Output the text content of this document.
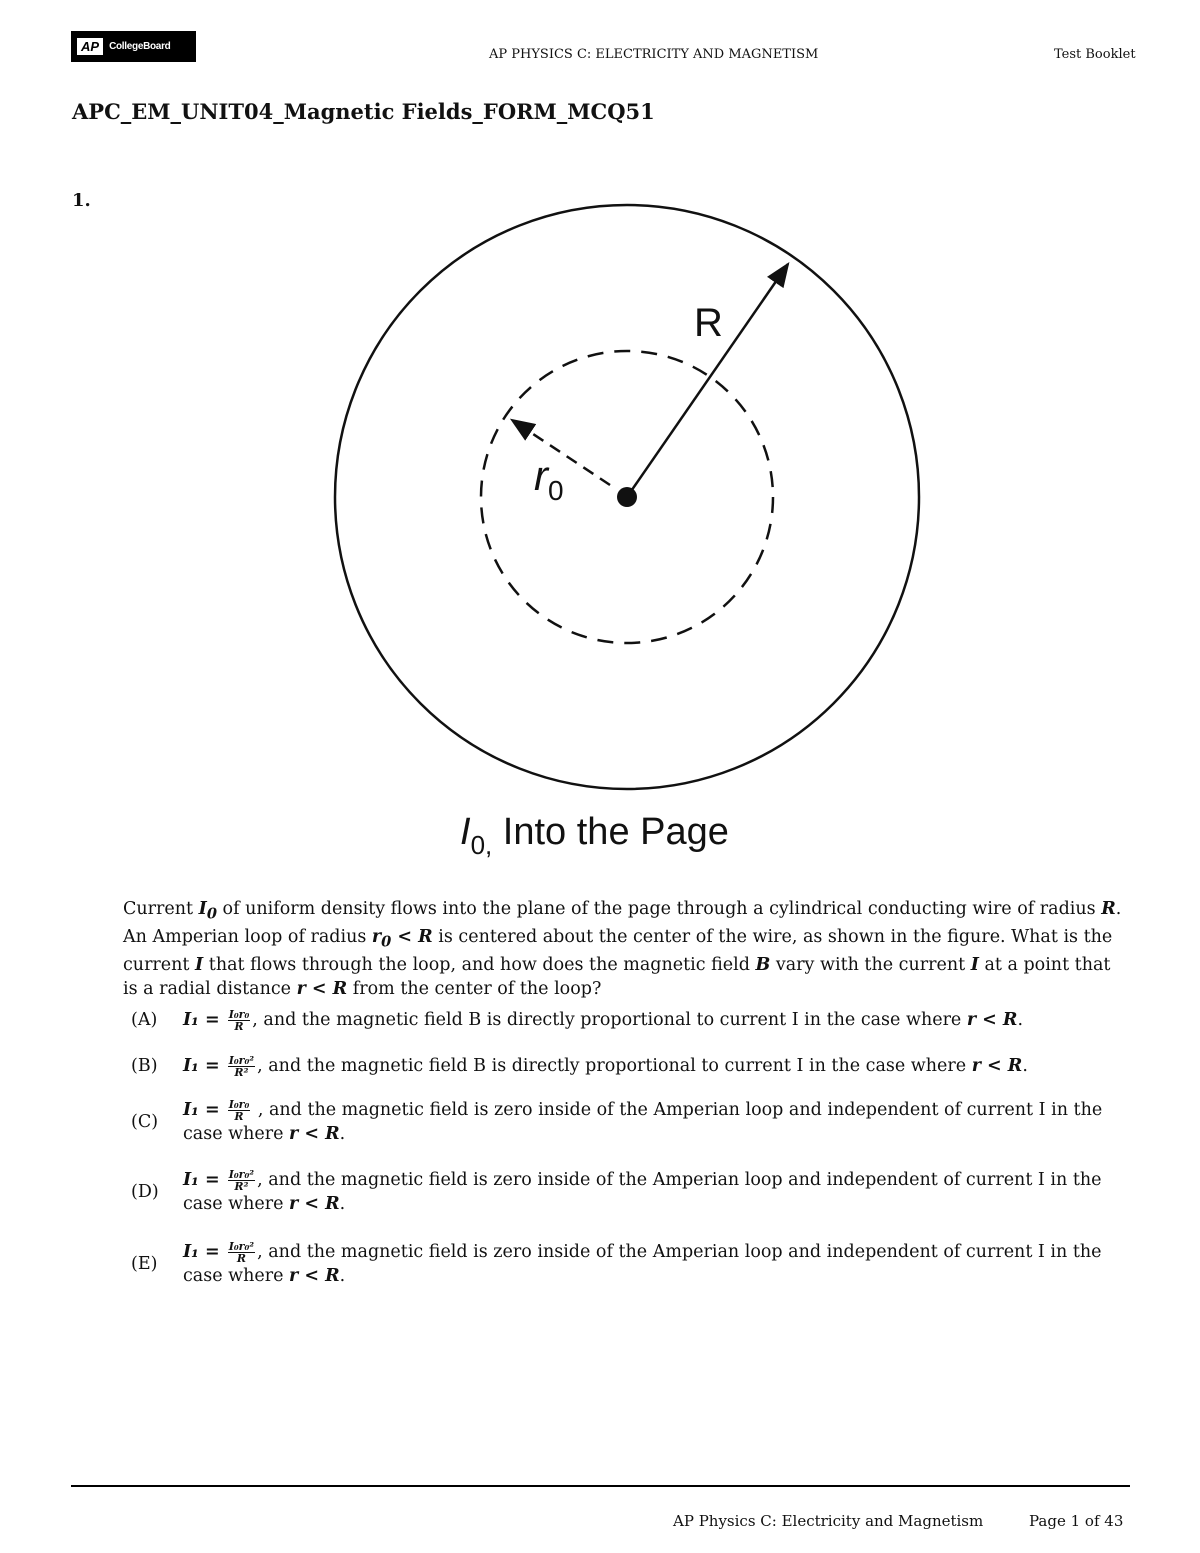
AP	CollegeBoard
AP PHYSICS C: ELECTRICITY AND MAGNETISM	Test Booklet
APC_EM_UNIT04_Magnetic Fields_FORM_MCQ51
1.
R
$r_0$
$I_{0,}$ Into the Page
Current $I_0$ of uniform density flows into the plane of the page through a cylindrical conducting wire of radius R. An Amperian loop of radius $r_0 < R$ is centered about the center of the wire, as shown in the figure. What is the current I that flows through the loop, and how does the magnetic field B vary with the current I at a point that is a radial distance r < R from the center of the loop?
(A)	$I_1 = \frac{\text{I₀r₀}}{R}$ , and the magnetic field B is directly proportional to current I in the case where r < R.
(B)	$I_1 = \frac{\text{I₀r₀²}}{\text{R²}}$ , and the magnetic field B is directly proportional to current I in the case where r < R.
(C)
$I_1 = \frac{\text{I₀r₀}}{R}$ , and the magnetic field is zero inside of the Amperian loop and independent of current I in the
case where r < R.
(D)
$I_1 = \frac{\text{I₀r₀²}}{\text{R²}}$ , and the magnetic field is zero inside of the Amperian loop and independent of current I in the
case where r < R.
(E)
$I_1 = \frac{\text{I₀r₀²}}{R}$ , and the magnetic field is zero inside of the Amperian loop and independent of current I in the
case where r < R.
AP Physics C: Electricity and Magnetism	Page 1 of 43
